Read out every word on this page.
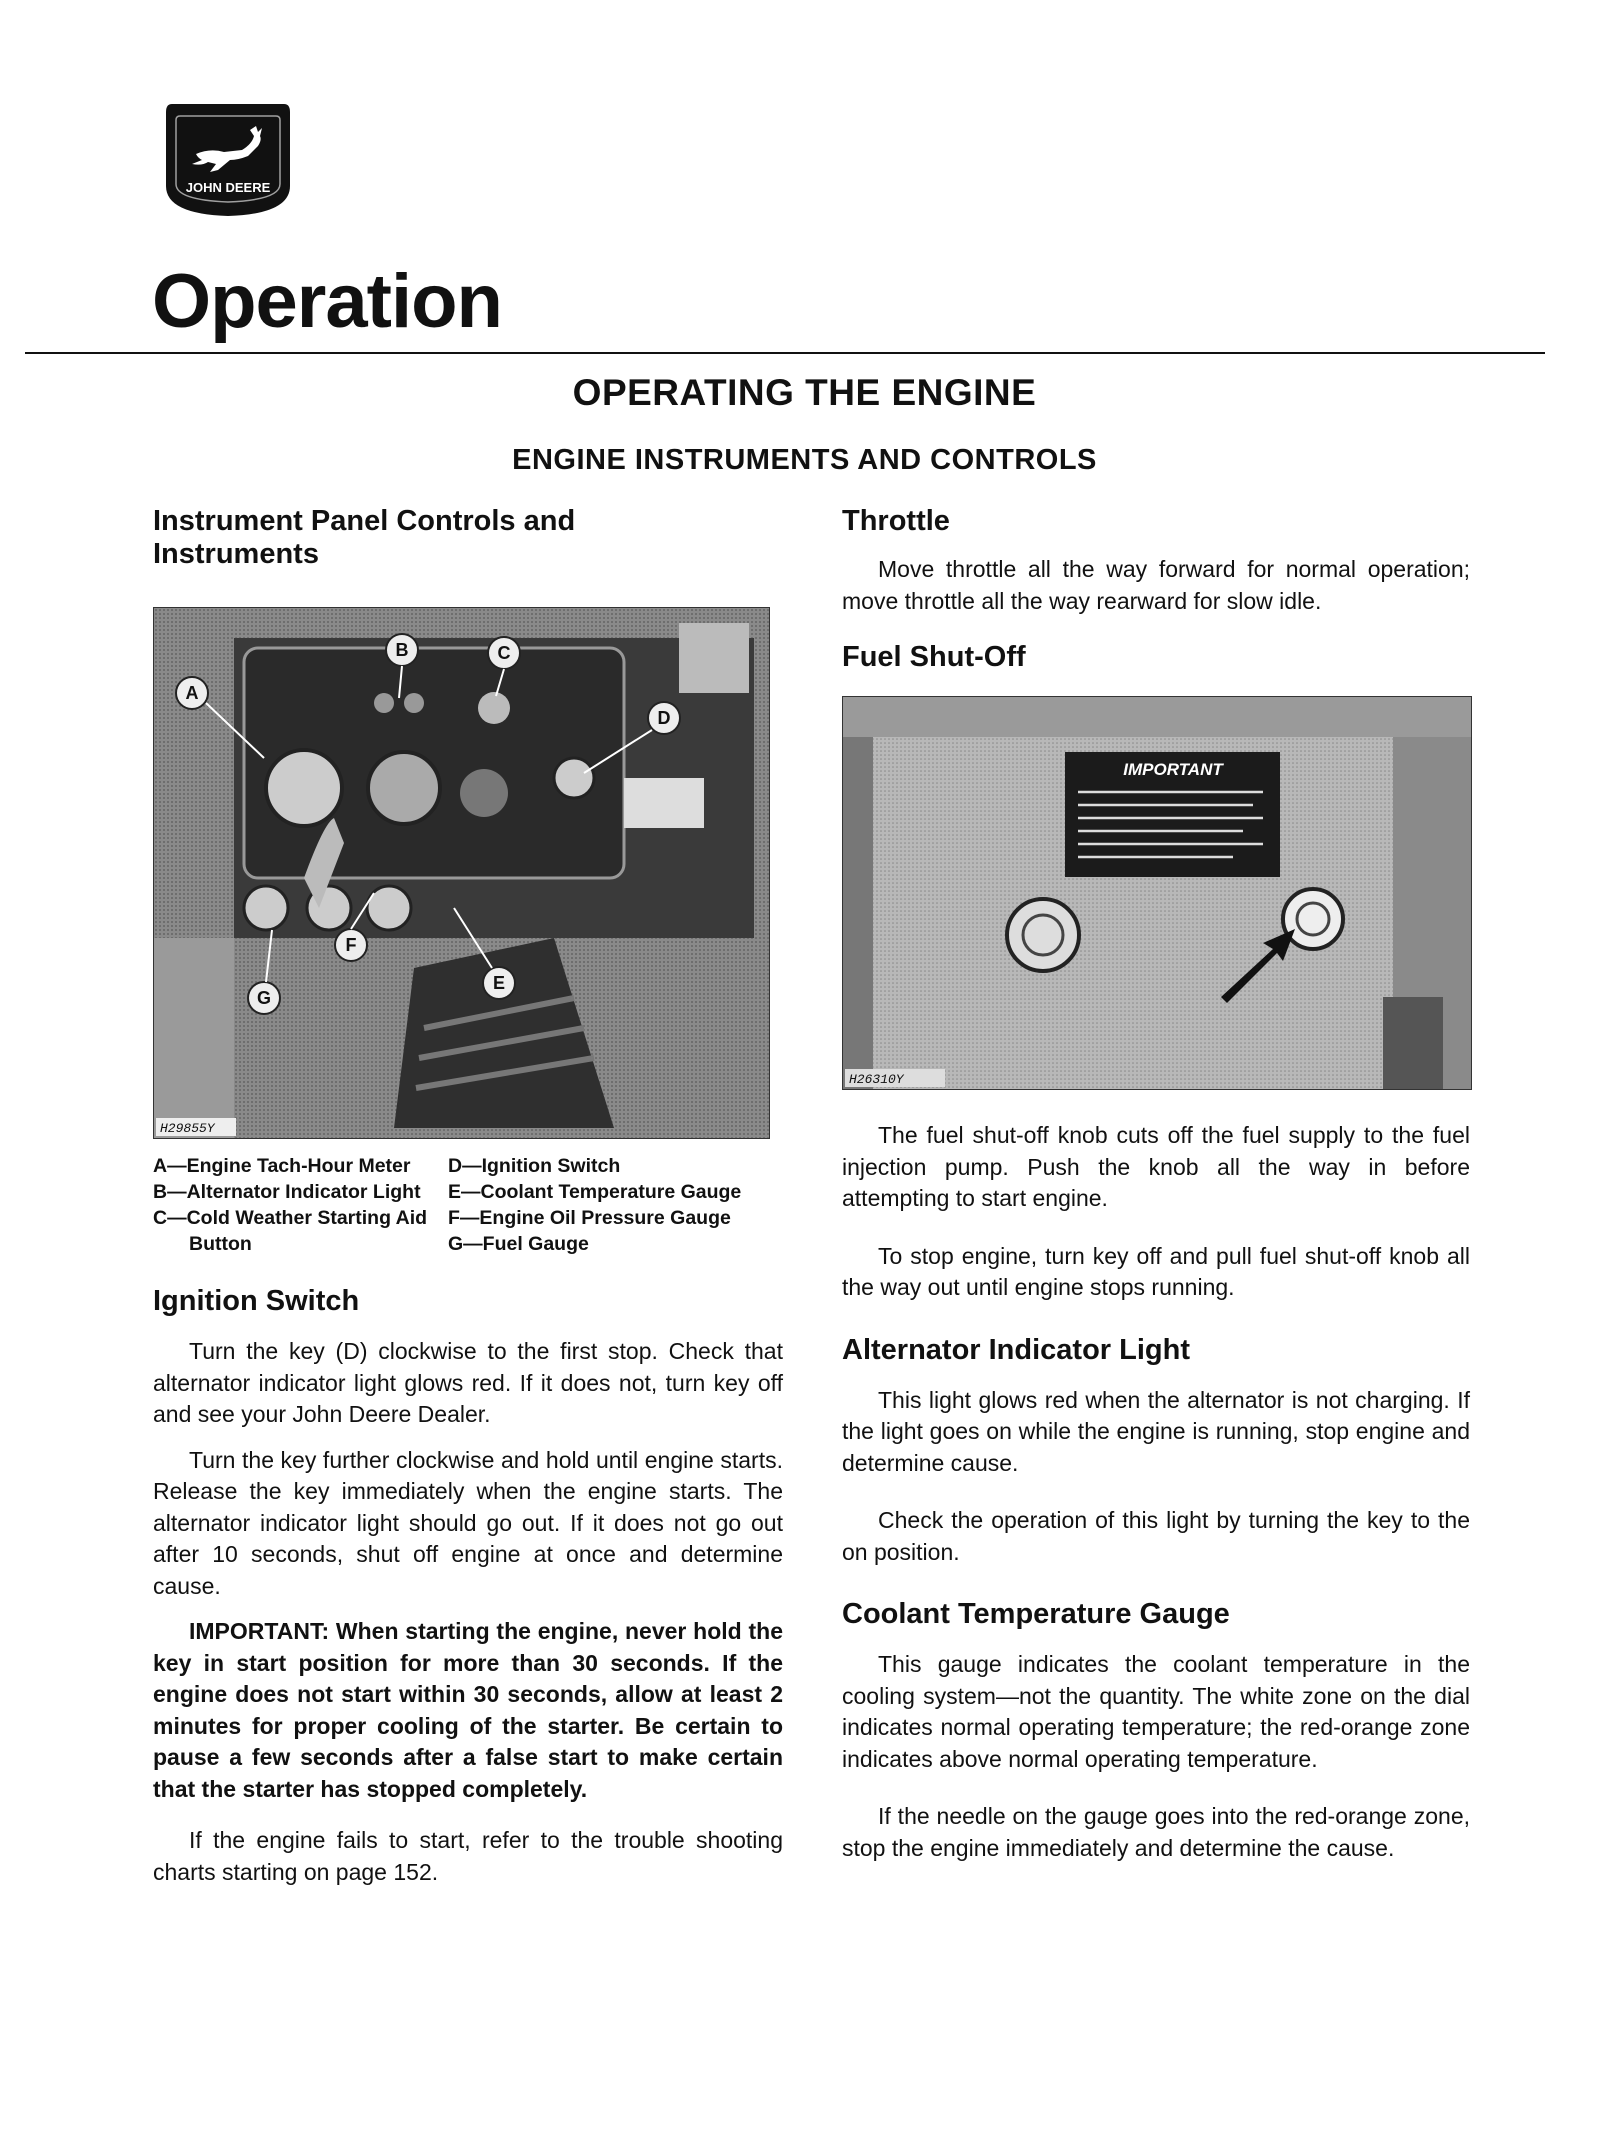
JOHN DEERE
Operation
OPERATING THE ENGINE
ENGINE INSTRUMENTS AND CONTROLS
Instrument Panel Controls and Instruments
A
B	C
D
E
F
G
H29855Y
A—Engine Tach-Hour Meter
B—Alternator Indicator Light
C—Cold Weather Starting Aid Button
D—Ignition Switch
E—Coolant Temperature Gauge
F—Engine Oil Pressure Gauge
G—Fuel Gauge
Ignition Switch

Turn the key (D) clockwise to the first stop. Check that alternator indicator light glows red. If it does not, turn key off and see your John Deere Dealer.

Turn the key further clockwise and hold until engine starts. Release the key immediately when the engine starts. The alternator indicator light should go out. If it does not go out after 10 seconds, shut off engine at once and determine cause.

IMPORTANT: When starting the engine, never hold the key in start position for more than 30 seconds. If the engine does not start within 30 seconds, allow at least 2 minutes for proper cooling of the starter. Be certain to pause a few seconds after a false start to make certain that the starter has stopped completely.

If the engine fails to start, refer to the trouble shooting charts starting on page 152.

Throttle

Move throttle all the way forward for normal operation; move throttle all the way rearward for slow idle.

Fuel Shut-Off
IMPORTANT
H26310Y

The fuel shut-off knob cuts off the fuel supply to the fuel injection pump. Push the knob all the way in before attempting to start engine.

To stop engine, turn key off and pull fuel shut-off knob all the way out until engine stops running.

Alternator Indicator Light

This light glows red when the alternator is not charging. If the light goes on while the engine is running, stop engine and determine cause.

Check the operation of this light by turning the key to the on position.

Coolant Temperature Gauge

This gauge indicates the coolant temperature in the cooling system—not the quantity. The white zone on the dial indicates normal operating temperature; the red-orange zone indicates above normal operating temperature.

If the needle on the gauge goes into the red-orange zone, stop the engine immediately and determine the cause.
